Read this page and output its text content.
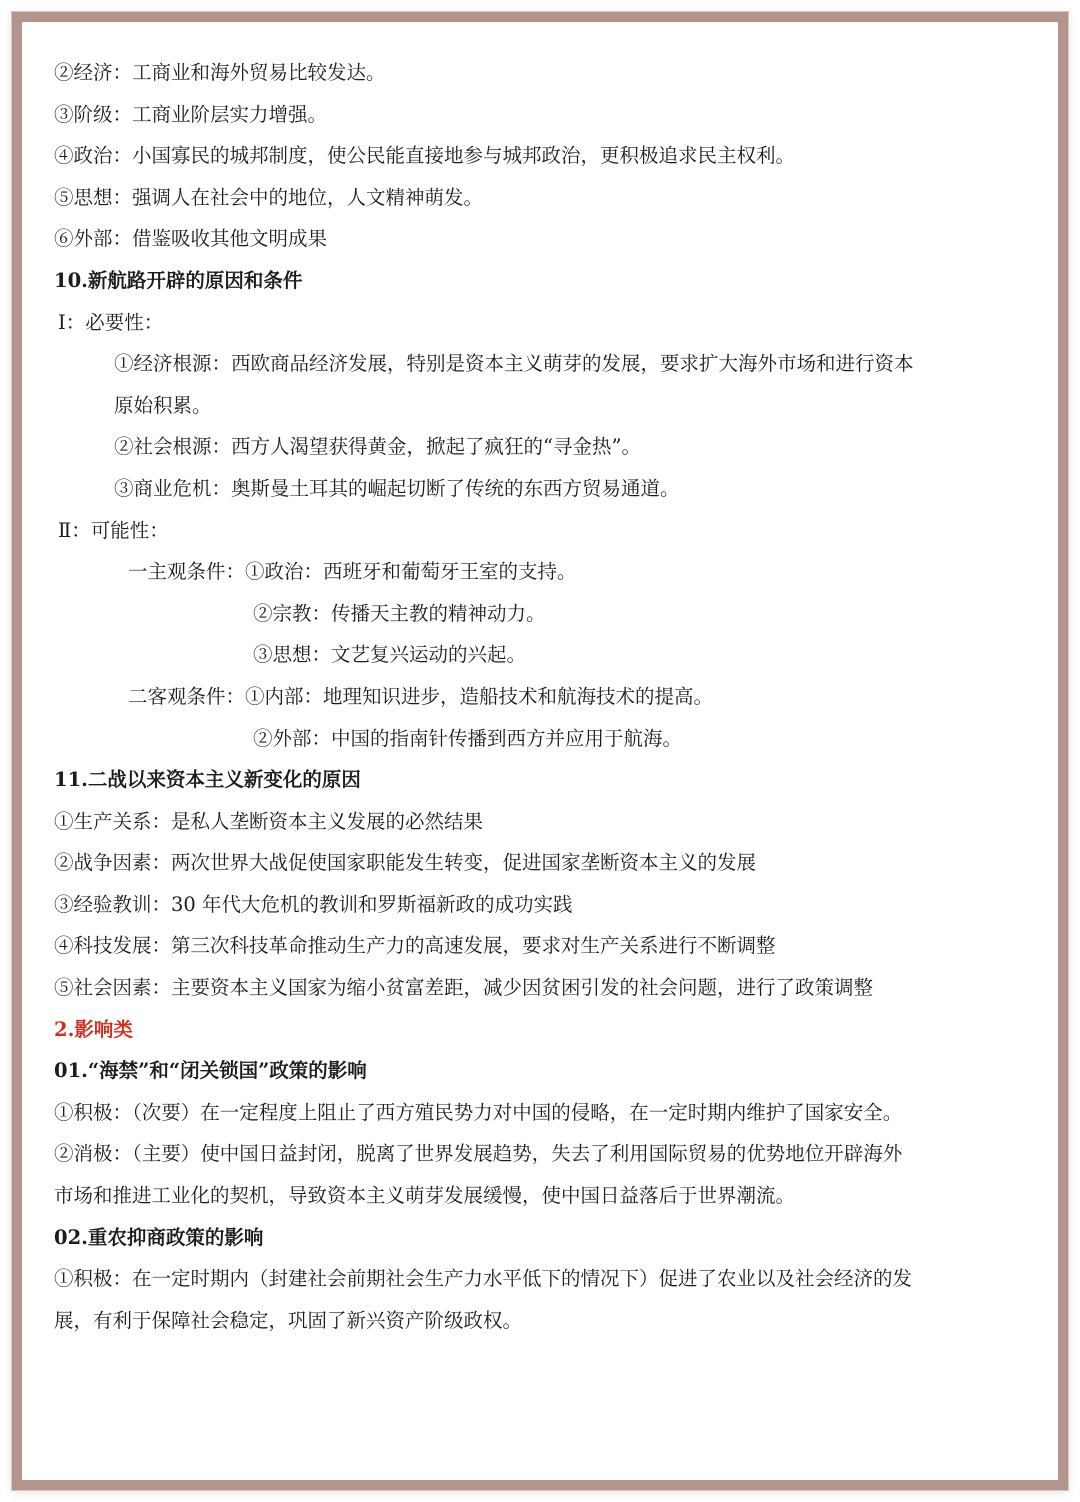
②经济：工商业和海外贸易比较发达。
③阶级：工商业阶层实力增强。
④政治：小国寡民的城邦制度，使公民能直接地参与城邦政治，更积极追求民主权利。
⑤思想：强调人在社会中的地位，人文精神萌发。
⑥外部：借鉴吸收其他文明成果
10.新航路开辟的原因和条件
Ⅰ：必要性：
①经济根源：西欧商品经济发展，特别是资本主义萌芽的发展，要求扩大海外市场和进行资本
原始积累。
②社会根源：西方人渴望获得黄金，掀起了疯狂的“寻金热”。
③商业危机：奥斯曼土耳其的崛起切断了传统的东西方贸易通道。
Ⅱ：可能性：
一主观条件：①政治：西班牙和葡萄牙王室的支持。
②宗教：传播天主教的精神动力。
③思想：文艺复兴运动的兴起。
二客观条件：①内部：地理知识进步，造船技术和航海技术的提高。
②外部：中国的指南针传播到西方并应用于航海。
11.二战以来资本主义新变化的原因
①生产关系：是私人垄断资本主义发展的必然结果
②战争因素：两次世界大战促使国家职能发生转变，促进国家垄断资本主义的发展
③经验教训：30 年代大危机的教训和罗斯福新政的成功实践
④科技发展：第三次科技革命推动生产力的高速发展，要求对生产关系进行不断调整
⑤社会因素：主要资本主义国家为缩小贫富差距，减少因贫困引发的社会问题，进行了政策调整
2.影响类
01.“海禁”和“闭关锁国”政策的影响
①积极：（次要）在一定程度上阻止了西方殖民势力对中国的侵略，在一定时期内维护了国家安全。
②消极：（主要）使中国日益封闭，脱离了世界发展趋势，失去了利用国际贸易的优势地位开辟海外
市场和推进工业化的契机，导致资本主义萌芽发展缓慢，使中国日益落后于世界潮流。
02.重农抑商政策的影响
①积极：在一定时期内（封建社会前期社会生产力水平低下的情况下）促进了农业以及社会经济的发
展，有利于保障社会稳定，巩固了新兴资产阶级政权。
